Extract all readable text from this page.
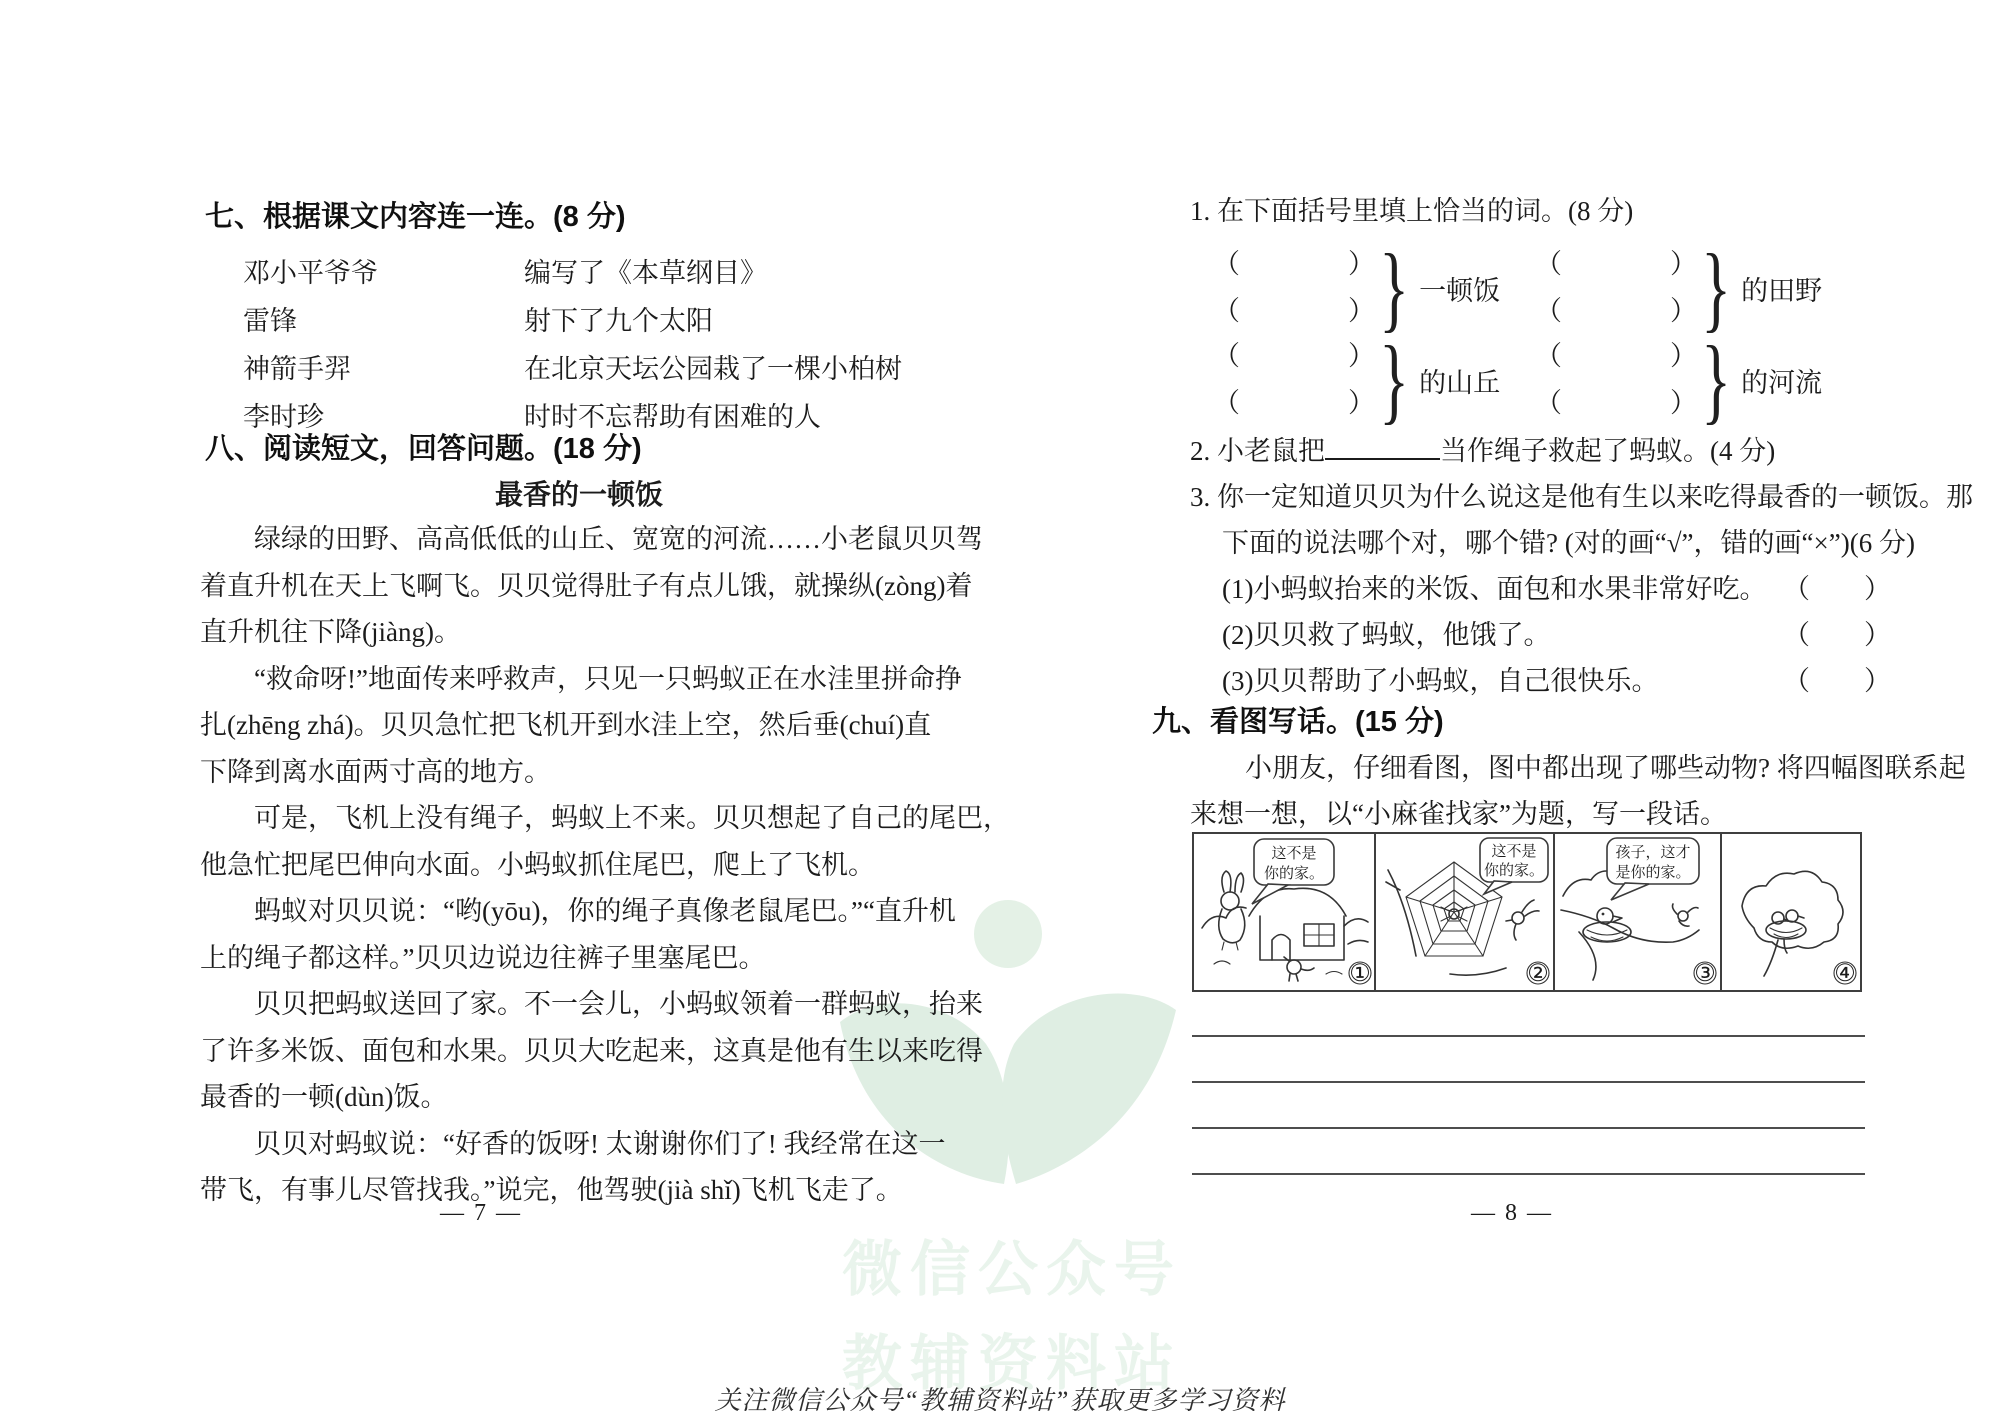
微信公众号
教辅资料站
关注微信公众号“教辅资料站”获取更多学习资料
七、根据课文内容连一连。(8 分)
邓小平爷爷	编写了《本草纲目》
雷锋	射下了九个太阳
神箭手羿	在北京天坛公园栽了一棵小柏树
李时珍	时时不忘帮助有困难的人
八、阅读短文，回答问题。(18 分)
最香的一顿饭
　　绿绿的田野、高高低低的山丘、宽宽的河流……小老鼠贝贝驾
着直升机在天上飞啊飞。贝贝觉得肚子有点儿饿，就操纵(zòng)着
直升机往下降(jiàng)。
　　“救命呀!”地面传来呼救声，只见一只蚂蚁正在水洼里拼命挣
扎(zhēng zhá)。贝贝急忙把飞机开到水洼上空，然后垂(chuí)直
下降到离水面两寸高的地方。
　　可是，飞机上没有绳子，蚂蚁上不来。贝贝想起了自己的尾巴，
他急忙把尾巴伸向水面。小蚂蚁抓住尾巴，爬上了飞机。
　　蚂蚁对贝贝说：“哟(yōu)，你的绳子真像老鼠尾巴。”“直升机
上的绳子都这样。”贝贝边说边往裤子里塞尾巴。
　　贝贝把蚂蚁送回了家。不一会儿，小蚂蚁领着一群蚂蚁，抬来
了许多米饭、面包和水果。贝贝大吃起来，这真是他有生以来吃得
最香的一顿(dùn)饭。
　　贝贝对蚂蚁说：“好香的饭呀! 太谢谢你们了! 我经常在这一
带飞，有事儿尽管找我。”说完，他驾驶(jià shǐ)飞机飞走了。
— 7 —
1. 在下面括号里填上恰当的词。(8 分)
（　　　　）
（　　　　） } 一顿饭
（　　　　）
（　　　　） } 的田野
（　　　　）
（　　　　） } 的山丘
（　　　　）
（　　　　） } 的河流
2. 小老鼠把	当作绳子救起了蚂蚁。(4 分)
3. 你一定知道贝贝为什么说这是他有生以来吃得最香的一顿饭。那
下面的说法哪个对，哪个错? (对的画“√”，错的画“×”)(6 分)
(1)小蚂蚁抬来的米饭、面包和水果非常好吃。 （　　）
(2)贝贝救了蚂蚁，他饿了。	（　　）
(3)贝贝帮助了小蚂蚁，自己很快乐。	（　　）
九、看图写话。(15 分)
小朋友，仔细看图，图中都出现了哪些动物? 将四幅图联系起
来想一想，以“小麻雀找家”为题，写一段话。
这不是
你的家。
①
这不是
你的家。
②
孩子，这才
是你的家。
③	④
— 8 —
